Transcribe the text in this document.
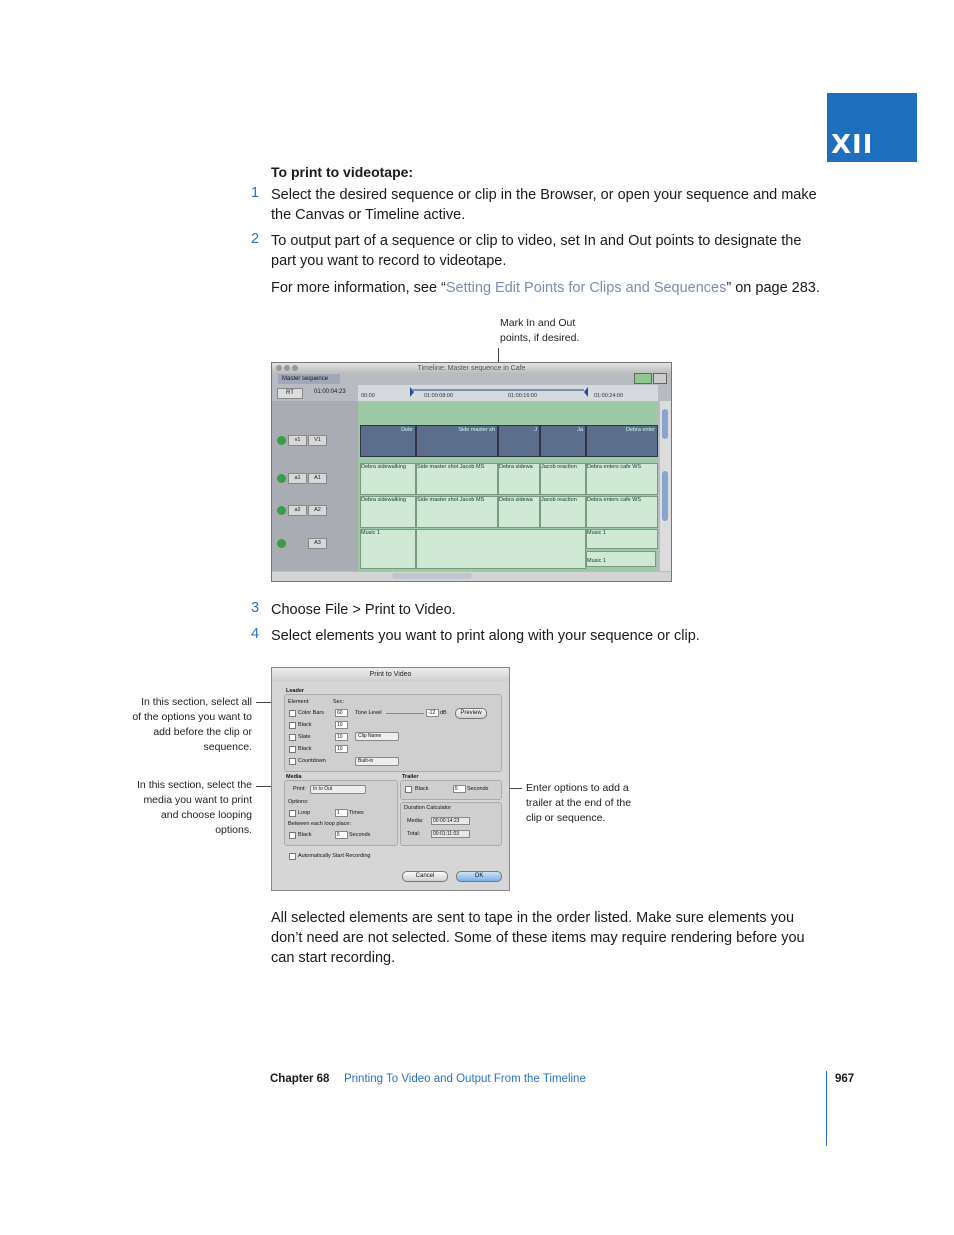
XII
To print to videotape:
1 Select the desired sequence or clip in the Browser, or open your sequence and make the Canvas or Timeline active.
2 To output part of a sequence or clip to video, set In and Out points to designate the part you want to record to videotape.
For more information, see “Setting Edit Points for Clips and Sequences” on page 283.
Mark In and Out points, if desired.
Timeline: Master sequence in Cafe
Master sequence
RT	01:00:04:23
00:00	01:00:08:00	01:00:16:00	01:00:24:00
v1	V1
a1	A1
a2	A2
A3
Debr	Side master sh	J	Ja	Debra enter
Debra sidewalking	Side master shot Jacob MS	Debra sidewa	Jacob reaction	Debra enters cafe WS
Debra sidewalking	Side master shot Jacob MS	Debra sidewa	Jacob reaction	Debra enters cafe WS
Music 1	Music 1
Music 1
3 Choose File > Print to Video.
4 Select elements you want to print along with your sequence or clip.
In this section, select all of the options you want to add before the clip or sequence.
In this section, select the media you want to print and choose looping options.
Enter options to add a trailer at the end of the clip or sequence.
Print to Video
Leader
Element:	Sec:
Color Bars	60	Tone Level	-12 dB	Preview
Black	10
Slate	10	Clip Name
Black	10
Countdown	Built-in
Media
Print:	In to Out
Options:
Loop	1	Times
Between each loop place:
Black	5	Seconds
Trailer
Black	5	Seconds
Duration Calculator
Media:	00:00:14:23
Total:	00:01:11:03
Automatically Start Recording
Cancel	OK
All selected elements are sent to tape in the order listed. Make sure elements you don’t need are not selected. Some of these items may require rendering before you can start recording.
Chapter 68 Printing To Video and Output From the Timeline	967
